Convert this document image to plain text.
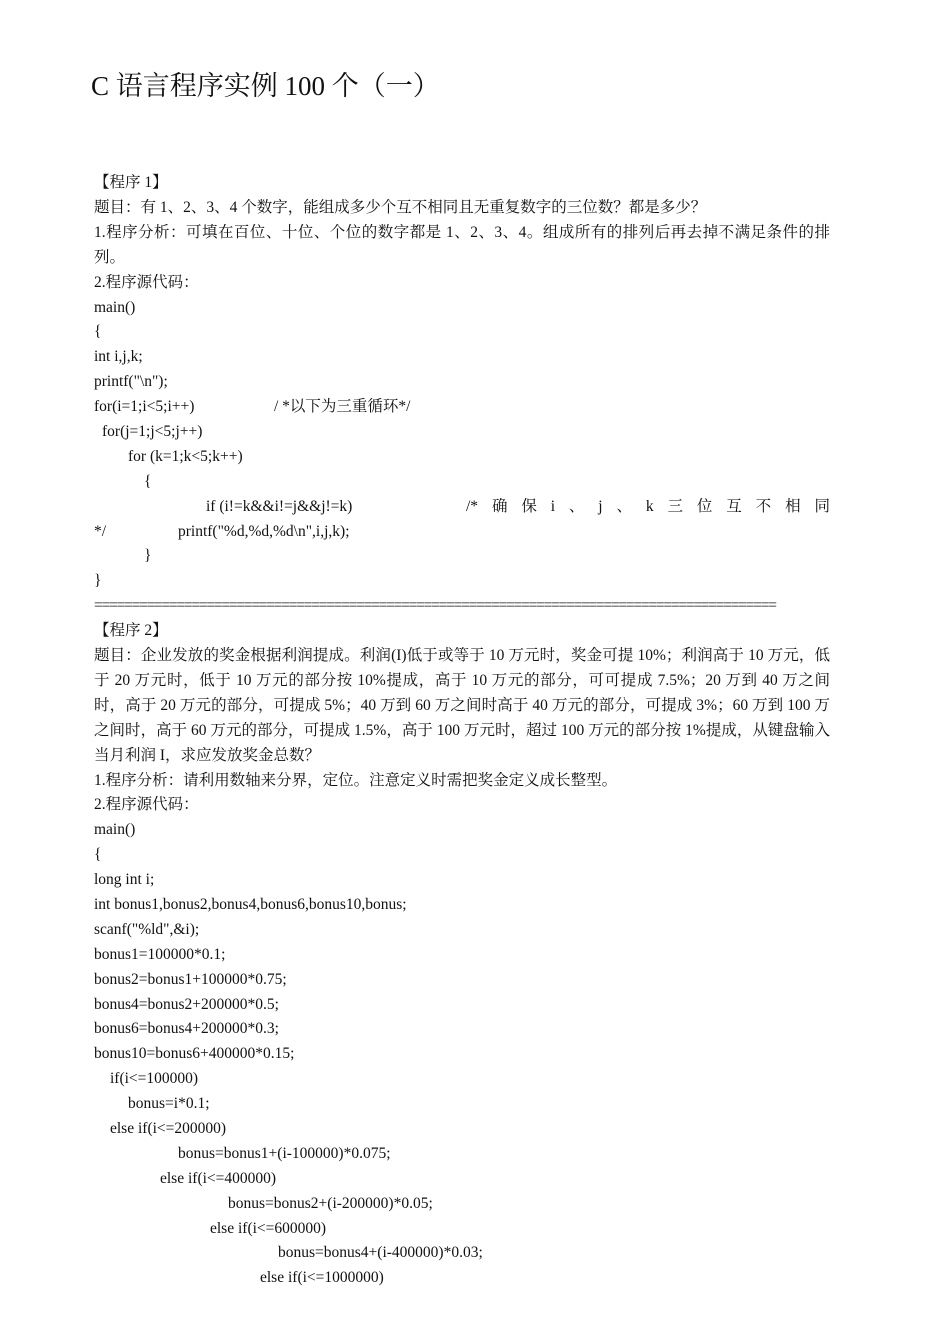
C 语言程序实例 100 个（一）
【程序 1】
题目：有 1、2、3、4 个数字，能组成多少个互不相同且无重复数字的三位数？都是多少？
1.程序分析：可填在百位、十位、个位的数字都是 1、2、3、4。组成所有的排列后再去掉不满足条件的排列。
2.程序源代码：
main()
{
int i,j,k;
printf("\n");

for(i=1;i<5;i++)

	/ *以下为三重循环*/

for(j=1;j<5;j++)
for (k=1;k<5;k++)
{

if (i!=k&&i!=j&&j!=k)

	/* 确 保 i 、 j 、 k 三 位 互 不 相 同

*/

	printf("%d,%d,%d\n",i,j,k);

}
}
===========================================================================================
【程序 2】
题目：企业发放的奖金根据利润提成。利润(I)低于或等于 10 万元时，奖金可提 10%；利润高于 10 万元，低于 20 万元时，低于 10 万元的部分按 10%提成，高于 10 万元的部分，可可提成 7.5%；20 万到 40 万之间时，高于 20 万元的部分，可提成 5%；40 万到 60 万之间时高于 40 万元的部分，可提成 3%；60 万到 100 万之间时，高于 60 万元的部分，可提成 1.5%，高于 100 万元时，超过 100 万元的部分按 1%提成，从键盘输入当月利润 I，求应发放奖金总数？
1.程序分析：请利用数轴来分界，定位。注意定义时需把奖金定义成长整型。
2.程序源代码：
main()
{
long int i;
int bonus1,bonus2,bonus4,bonus6,bonus10,bonus;
scanf("%ld",&i);
bonus1=100000*0.1;
bonus2=bonus1+100000*0.75;
bonus4=bonus2+200000*0.5;
bonus6=bonus4+200000*0.3;
bonus10=bonus6+400000*0.15;
if(i<=100000)
bonus=i*0.1;
else if(i<=200000)
bonus=bonus1+(i-100000)*0.075;
else if(i<=400000)
bonus=bonus2+(i-200000)*0.05;
else if(i<=600000)
bonus=bonus4+(i-400000)*0.03;
else if(i<=1000000)
